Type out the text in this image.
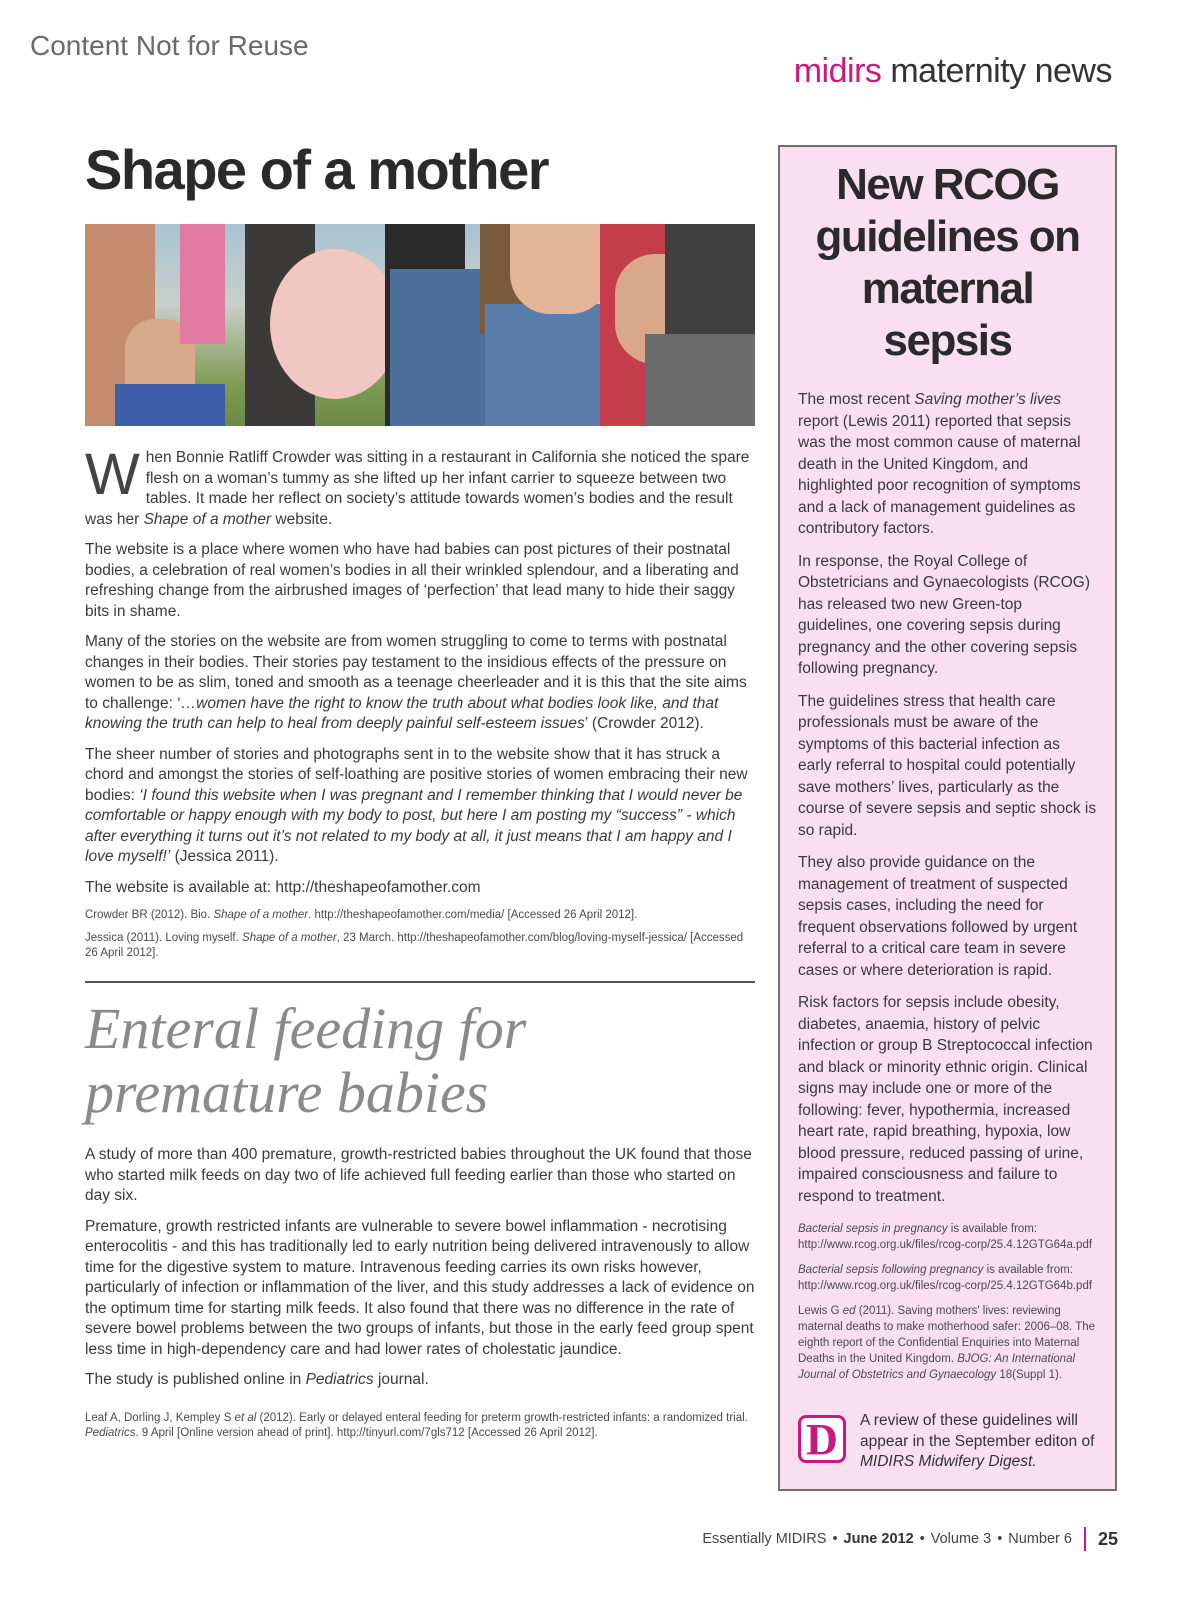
Content Not for Reuse
midirs maternity news
Shape of a mother

When Bonnie Ratliff Crowder was sitting in a restaurant in California she noticed the spare flesh on a woman’s tummy as she lifted up her infant carrier to squeeze between two tables. It made her reflect on society’s attitude towards women’s bodies and the result was her Shape of a mother website.

The website is a place where women who have had babies can post pictures of their postnatal bodies, a celebration of real women’s bodies in all their wrinkled splendour, and a liberating and refreshing change from the airbrushed images of ‘perfection’ that lead many to hide their saggy bits in shame.

Many of the stories on the website are from women struggling to come to terms with postnatal changes in their bodies. Their stories pay testament to the insidious effects of the pressure on women to be as slim, toned and smooth as a teenage cheerleader and it is this that the site aims to challenge: ‘…women have the right to know the truth about what bodies look like, and that knowing the truth can help to heal from deeply painful self-esteem issues’ (Crowder 2012).

The sheer number of stories and photographs sent in to the website show that it has struck a chord and amongst the stories of self-loathing are positive stories of women embracing their new bodies: ‘I found this website when I was pregnant and I remember thinking that I would never be comfortable or happy enough with my body to post, but here I am posting my “success” - which after everything it turns out it’s not related to my body at all, it just means that I am happy and I love myself!’ (Jessica 2011).

The website is available at: http://theshapeofamother.com

Crowder BR (2012). Bio. Shape of a mother. http://theshapeofamother.com/media/ [Accessed 26 April 2012].

Jessica (2011). Loving myself. Shape of a mother, 23 March. http://theshapeofamother.com/blog/loving-myself-jessica/ [Accessed 26 April 2012].

Enteral feeding for
premature babies

A study of more than 400 premature, growth-restricted babies throughout the UK found that those who started milk feeds on day two of life achieved full feeding earlier than those who started on day six.

Premature, growth restricted infants are vulnerable to severe bowel inflammation - necrotising enterocolitis - and this has traditionally led to early nutrition being delivered intravenously to allow time for the digestive system to mature. Intravenous feeding carries its own risks however, particularly of infection or inflammation of the liver, and this study addresses a lack of evidence on the optimum time for starting milk feeds. It also found that there was no difference in the rate of severe bowel problems between the two groups of infants, but those in the early feed group spent less time in high-dependency care and had lower rates of cholestatic jaundice.

The study is published online in Pediatrics journal.

Leaf A, Dorling J, Kempley S et al (2012). Early or delayed enteral feeding for preterm growth-restricted infants: a randomized trial. Pediatrics. 9 April [Online version ahead of print]. http://tinyurl.com/7gls712 [Accessed 26 April 2012].
New RCOG
guidelines on
maternal sepsis

The most recent Saving mother’s lives report (Lewis 2011) reported that sepsis was the most common cause of maternal death in the United Kingdom, and highlighted poor recognition of symptoms and a lack of management guidelines as contributory factors.

In response, the Royal College of Obstetricians and Gynaecologists (RCOG) has released two new Green-top guidelines, one covering sepsis during pregnancy and the other covering sepsis following pregnancy.

The guidelines stress that health care professionals must be aware of the symptoms of this bacterial infection as early referral to hospital could potentially save mothers’ lives, particularly as the course of severe sepsis and septic shock is so rapid.

They also provide guidance on the management of treatment of suspected sepsis cases, including the need for frequent observations followed by urgent referral to a critical care team in severe cases or where deterioration is rapid.

Risk factors for sepsis include obesity, diabetes, anaemia, history of pelvic infection or group B Streptococcal infection and black or minority ethnic origin. Clinical signs may include one or more of the following: fever, hypothermia, increased heart rate, rapid breathing, hypoxia, low blood pressure, reduced passing of urine, impaired consciousness and failure to respond to treatment.

Bacterial sepsis in pregnancy is available from: http://www.rcog.org.uk/files/rcog-corp/25.4.12GTG64a.pdf

Bacterial sepsis following pregnancy is available from: http://www.rcog.org.uk/files/rcog-corp/25.4.12GTG64b.pdf

Lewis G ed (2011). Saving mothers' lives: reviewing maternal deaths to make motherhood safer: 2006–08. The eighth report of the Confidential Enquiries into Maternal Deaths in the United Kingdom. BJOG: An International Journal of Obstetrics and Gynaecology 18(Suppl 1).

D	A review of these guidelines will appear in the September editon of MIDIRS Midwifery Digest.
Essentially MIDIRS • June 2012 • Volume 3 • Number 6 25
